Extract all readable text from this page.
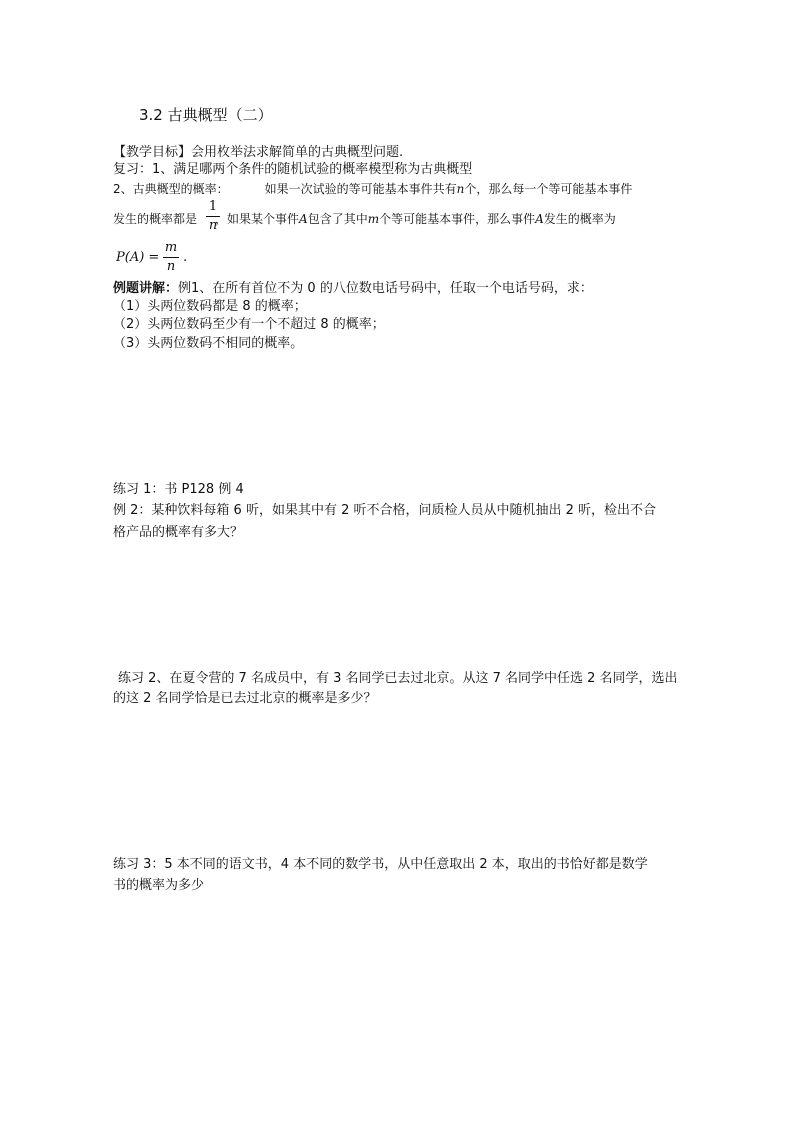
3.2 古典概型（二）
【教学目标】会用枚举法求解简单的古典概型问题.
复习：1、满足哪两个条件的随机试验的概率模型称为古典概型
2、古典概型的概率：	如果一次试验的等可能基本事件共有n个，那么每一个等可能基本事件
发生的概率都是 ，如果某个事件A包含了其中m个等可能基本事件，那么事件A发生的概率为
1
n
P(A) =
m
n
.
例题讲解：例1、在所有首位不为 0 的八位数电话号码中，任取一个电话号码，求：
（1）头两位数码都是 8 的概率；
（2）头两位数码至少有一个不超过 8 的概率；
（3）头两位数码不相同的概率。
练习 1：书 P128 例 4
例 2：某种饮料每箱 6 听，如果其中有 2 听不合格，问质检人员从中随机抽出 2 听，检出不合
格产品的概率有多大？
练习 2、在夏令营的 7 名成员中，有 3 名同学已去过北京。从这 7 名同学中任选 2 名同学，选出
的这 2 名同学恰是已去过北京的概率是多少？
练习 3：5 本不同的语文书，4 本不同的数学书，从中任意取出 2 本，取出的书恰好都是数学
书的概率为多少
